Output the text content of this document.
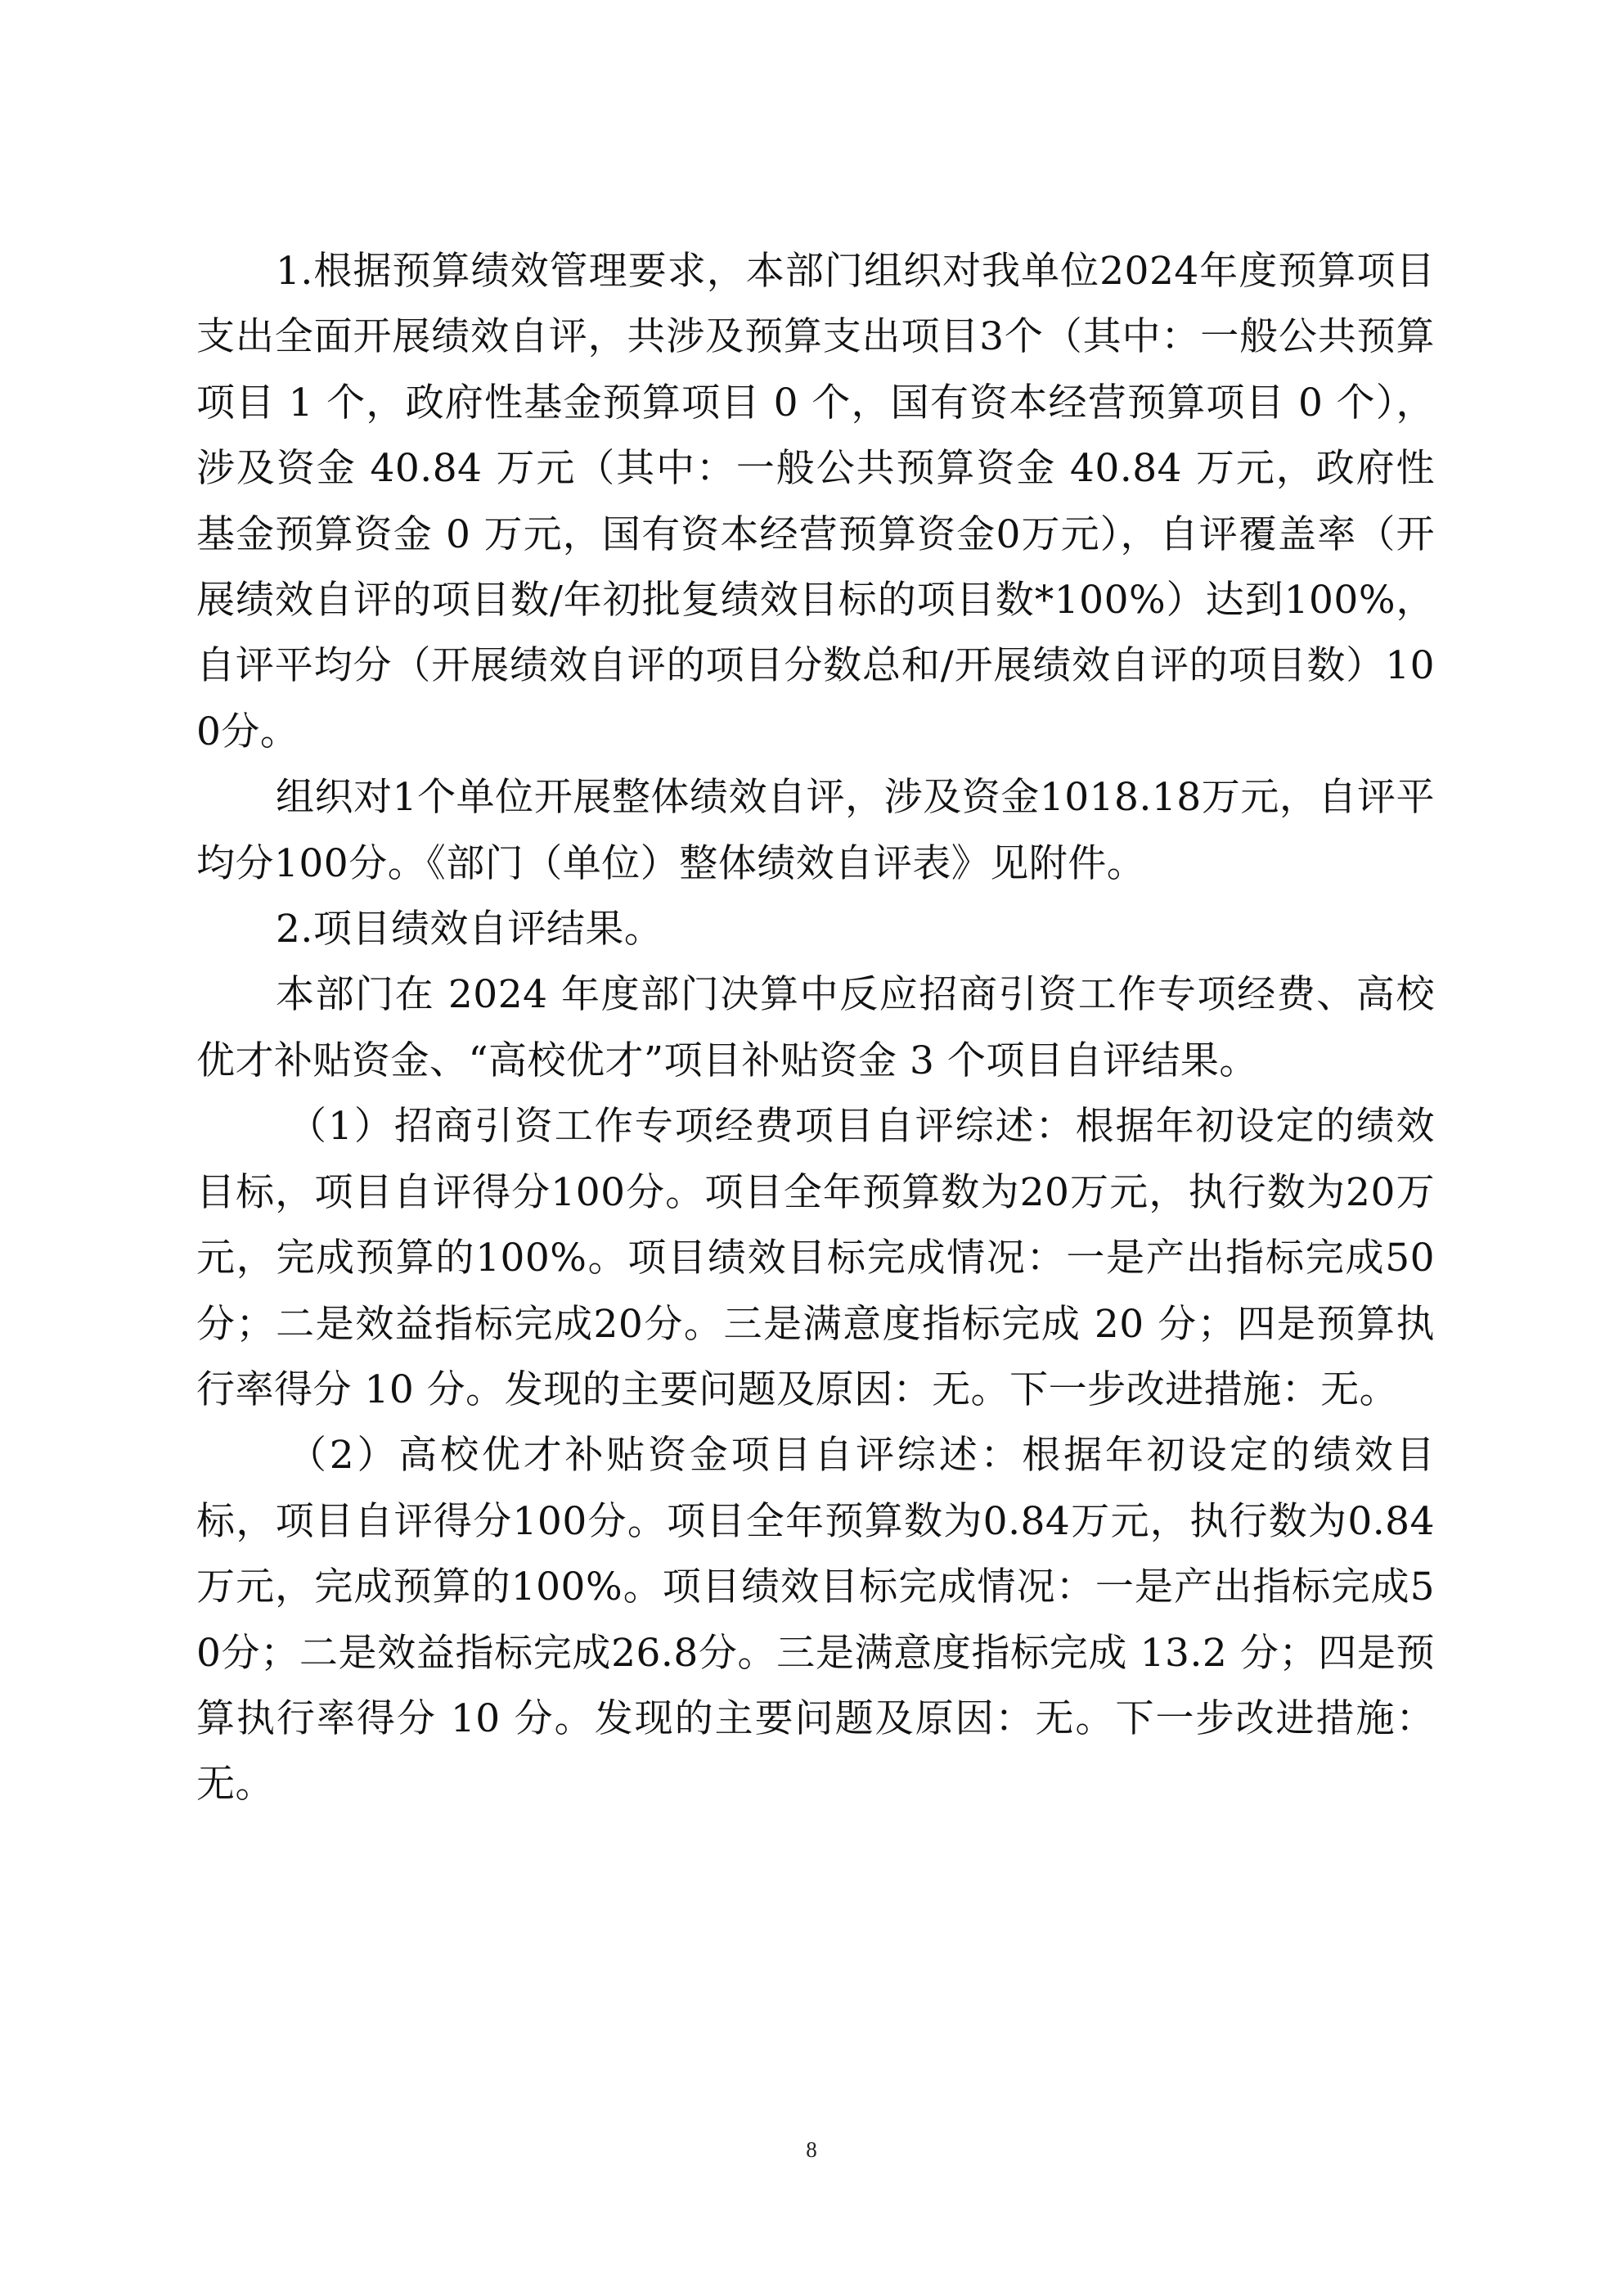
1.根据预算绩效管理要求，本部门组织对我单位2024年度预算项目支出全面开展绩效自评，共涉及预算支出项目3个（其中：一般公共预算项目 1 个，政府性基金预算项目 0 个，国有资本经营预算项目 0 个），涉及资金 40.84 万元（其中：一般公共预算资金 40.84 万元，政府性基金预算资金 0 万元，国有资本经营预算资金0万元），自评覆盖率（开展绩效自评的项目数/年初批复绩效目标的项目数*100%）达到100%，自评平均分（开展绩效自评的项目分数总和/开展绩效自评的项目数）100分。

组织对1个单位开展整体绩效自评，涉及资金1018.18万元，自评平均分100分。《部门（单位）整体绩效自评表》见附件。

2.项目绩效自评结果。

本部门在 2024 年度部门决算中反应招商引资工作专项经费、高校优才补贴资金、“高校优才”项目补贴资金 3 个项目自评结果。

（1）招商引资工作专项经费项目自评综述：根据年初设定的绩效目标，项目自评得分100分。项目全年预算数为20万元，执行数为20万元，完成预算的100%。项目绩效目标完成情况：一是产出指标完成50分；二是效益指标完成20分。三是满意度指标完成 20 分；四是预算执行率得分 10 分。发现的主要问题及原因：无。下一步改进措施：无。

（2）高校优才补贴资金项目自评综述：根据年初设定的绩效目标，项目自评得分100分。项目全年预算数为0.84万元，执行数为0.84万元，完成预算的100%。项目绩效目标完成情况：一是产出指标完成50分；二是效益指标完成26.8分。三是满意度指标完成 13.2 分；四是预算执行率得分 10 分。发现的主要问题及原因：无。下一步改进措施：无。

8
